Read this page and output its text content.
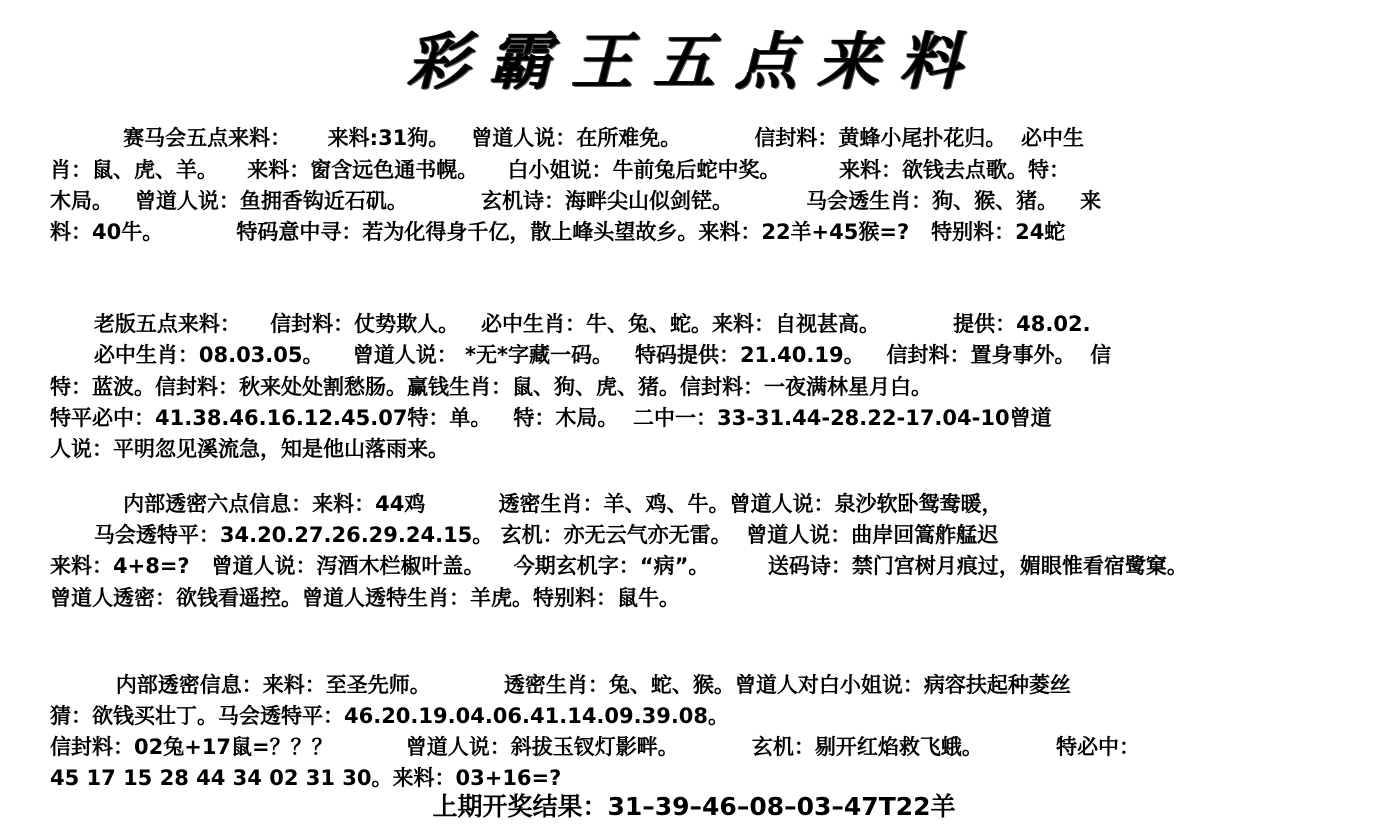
彩霸王五点来料
赛马会五点来料：     来料:31狗。   曾道人说：在所难免。          信封料：黄蜂小尾扑花归。  必中生
肖：鼠、虎、羊。    来料：窗含远色通书幌。    白小姐说：牛前兔后蛇中奖。        来料：欲钱去点歌。特：
木局。   曾道人说：鱼拥香钩近石矶。          玄机诗：海畔尖山似剑铓。          马会透生肖：狗、猴、猪。   来
料：40牛。          特码意中寻：若为化得身千亿，散上峰头望故乡。来料：22羊+45猴=?   特别料：24蛇
老版五点来料：    信封料：仗势欺人。   必中生肖：牛、兔、蛇。来料：自视甚高。          提供：48.02.
必中生肖：08.03.05。    曾道人说： *无*字藏一码。   特码提供：21.40.19。   信封料：置身事外。  信
特：蓝波。信封料：秋来处处割愁肠。赢钱生肖：鼠、狗、虎、猪。信封料：一夜满林星月白。
特平必中：41.38.46.16.12.45.07特：单。   特：木局。  二中一：33-31.44-28.22-17.04-10曾道
人说：平明忽见溪流急，知是他山落雨来。
内部透密六点信息：来料：44鸡          透密生肖：羊、鸡、牛。曾道人说：泉沙软卧鸳鸯暖，
马会透特平：34.20.27.26.29.24.15。 玄机：亦无云气亦无雷。  曾道人说：曲岸回篙舴艋迟
来料：4+8=?   曾道人说：泻酒木栏椒叶盖。    今期玄机字：“病”。        送码诗：禁门宫树月痕过，媚眼惟看宿鹭窠。
曾道人透密：欲钱看遥控。曾道人透特生肖：羊虎。特别料：鼠牛。
内部透密信息：来料：至圣先师。          透密生肖：兔、蛇、猴。曾道人对白小姐说：病容扶起种菱丝
猜：欲钱买壮丁。马会透特平：46.20.19.04.06.41.14.09.39.08。
信封料：02兔+17鼠=？？？          曾道人说：斜拔玉钗灯影畔。          玄机：剔开红焰救飞蛾。          特必中：
45 17 15 28 44 34 02 31 30。来料：03+16=?
上期开奖结果：31–39–46–08–03–47T22羊
